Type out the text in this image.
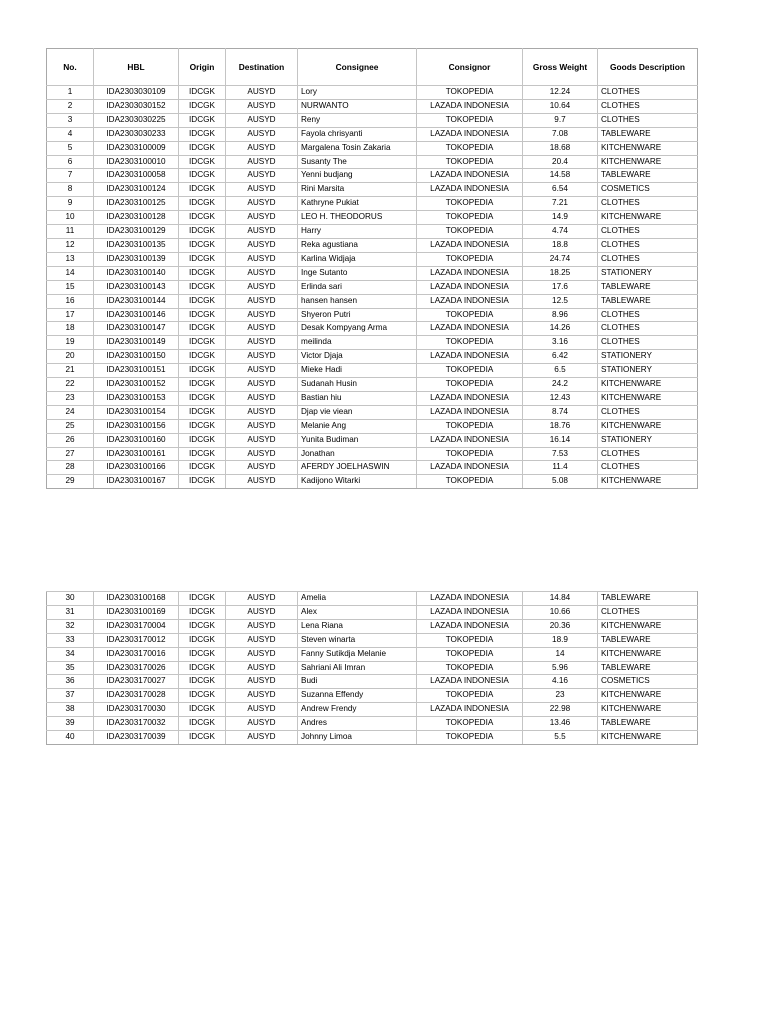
No.	HBL	Origin	Destination	Consignee	Consignor	Gross Weight	Goods Description
1	IDA2303030109	IDCGK	AUSYD	Lory	TOKOPEDIA	12.24	CLOTHES
2	IDA2303030152	IDCGK	AUSYD	NURWANTO	LAZADA INDONESIA	10.64	CLOTHES
3	IDA2303030225	IDCGK	AUSYD	Reny	TOKOPEDIA	9.7	CLOTHES
4	IDA2303030233	IDCGK	AUSYD	Fayola chrisyanti	LAZADA INDONESIA	7.08	TABLEWARE
5	IDA2303100009	IDCGK	AUSYD	Margalena Tosin Zakaria	TOKOPEDIA	18.68	KITCHENWARE
6	IDA2303100010	IDCGK	AUSYD	Susanty The	TOKOPEDIA	20.4	KITCHENWARE
7	IDA2303100058	IDCGK	AUSYD	Yenni budjang	LAZADA INDONESIA	14.58	TABLEWARE
8	IDA2303100124	IDCGK	AUSYD	Rini Marsita	LAZADA INDONESIA	6.54	COSMETICS
9	IDA2303100125	IDCGK	AUSYD	Kathryne Pukiat	TOKOPEDIA	7.21	CLOTHES
10	IDA2303100128	IDCGK	AUSYD	LEO H. THEODORUS	TOKOPEDIA	14.9	KITCHENWARE
11	IDA2303100129	IDCGK	AUSYD	Harry	TOKOPEDIA	4.74	CLOTHES
12	IDA2303100135	IDCGK	AUSYD	Reka agustiana	LAZADA INDONESIA	18.8	CLOTHES
13	IDA2303100139	IDCGK	AUSYD	Karlina Widjaja	TOKOPEDIA	24.74	CLOTHES
14	IDA2303100140	IDCGK	AUSYD	Inge Sutanto	LAZADA INDONESIA	18.25	STATIONERY
15	IDA2303100143	IDCGK	AUSYD	Erlinda sari	LAZADA INDONESIA	17.6	TABLEWARE
16	IDA2303100144	IDCGK	AUSYD	hansen hansen	LAZADA INDONESIA	12.5	TABLEWARE
17	IDA2303100146	IDCGK	AUSYD	Shyeron Putri	TOKOPEDIA	8.96	CLOTHES
18	IDA2303100147	IDCGK	AUSYD	Desak Kompyang Arma	LAZADA INDONESIA	14.26	CLOTHES
19	IDA2303100149	IDCGK	AUSYD	meilinda	TOKOPEDIA	3.16	CLOTHES
20	IDA2303100150	IDCGK	AUSYD	Victor Djaja	LAZADA INDONESIA	6.42	STATIONERY
21	IDA2303100151	IDCGK	AUSYD	Mieke Hadi	TOKOPEDIA	6.5	STATIONERY
22	IDA2303100152	IDCGK	AUSYD	Sudanah Husin	TOKOPEDIA	24.2	KITCHENWARE
23	IDA2303100153	IDCGK	AUSYD	Bastian hiu	LAZADA INDONESIA	12.43	KITCHENWARE
24	IDA2303100154	IDCGK	AUSYD	Djap vie viean	LAZADA INDONESIA	8.74	CLOTHES
25	IDA2303100156	IDCGK	AUSYD	Melanie Ang	TOKOPEDIA	18.76	KITCHENWARE
26	IDA2303100160	IDCGK	AUSYD	Yunita Budiman	LAZADA INDONESIA	16.14	STATIONERY
27	IDA2303100161	IDCGK	AUSYD	Jonathan	TOKOPEDIA	7.53	CLOTHES
28	IDA2303100166	IDCGK	AUSYD	AFERDY JOELHASWIN	LAZADA INDONESIA	11.4	CLOTHES
29	IDA2303100167	IDCGK	AUSYD	Kadijono Witarki	TOKOPEDIA	5.08	KITCHENWARE
30	IDA2303100168	IDCGK	AUSYD	Amelia	LAZADA INDONESIA	14.84	TABLEWARE
31	IDA2303100169	IDCGK	AUSYD	Alex	LAZADA INDONESIA	10.66	CLOTHES
32	IDA2303170004	IDCGK	AUSYD	Lena Riana	LAZADA INDONESIA	20.36	KITCHENWARE
33	IDA2303170012	IDCGK	AUSYD	Steven winarta	TOKOPEDIA	18.9	TABLEWARE
34	IDA2303170016	IDCGK	AUSYD	Fanny Sutikdja Melanie	TOKOPEDIA	14	KITCHENWARE
35	IDA2303170026	IDCGK	AUSYD	Sahriani Ali Imran	TOKOPEDIA	5.96	TABLEWARE
36	IDA2303170027	IDCGK	AUSYD	Budi	LAZADA INDONESIA	4.16	COSMETICS
37	IDA2303170028	IDCGK	AUSYD	Suzanna Effendy	TOKOPEDIA	23	KITCHENWARE
38	IDA2303170030	IDCGK	AUSYD	Andrew Frendy	LAZADA INDONESIA	22.98	KITCHENWARE
39	IDA2303170032	IDCGK	AUSYD	Andres	TOKOPEDIA	13.46	TABLEWARE
40	IDA2303170039	IDCGK	AUSYD	Johnny Limoa	TOKOPEDIA	5.5	KITCHENWARE
